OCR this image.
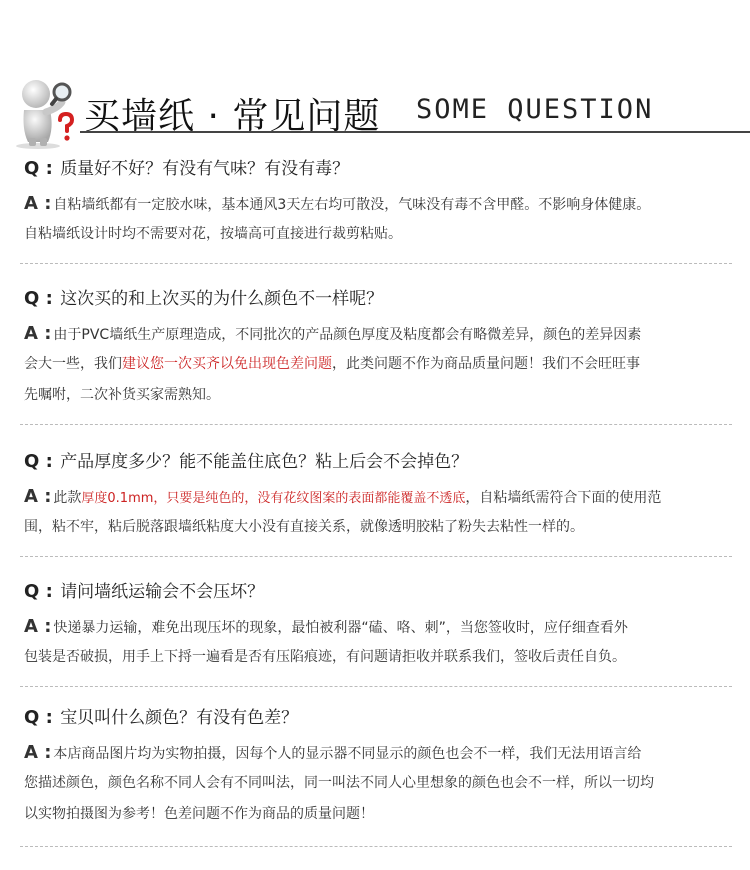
买墙纸 · 常见问题 SOME QUESTION
Q : 质量好不好？有没有气味？有没有毒？
A : 自粘墙纸都有一定胶水味，基本通风3天左右均可散没，气味没有毒不含甲醛。不影响身体健康。
自粘墙纸设计时均不需要对花，按墙高可直接进行裁剪粘贴。
Q : 这次买的和上次买的为什么颜色不一样呢？
A : 由于PVC墙纸生产原理造成，不同批次的产品颜色厚度及粘度都会有略微差异，颜色的差异因素
会大一些，我们建议您一次买齐以免出现色差问题，此类问题不作为商品质量问题！我们不会旺旺事
先嘱咐，二次补货买家需熟知。
Q : 产品厚度多少？能不能盖住底色？粘上后会不会掉色？
A : 此款厚度0.1mm，只要是纯色的，没有花纹图案的表面都能覆盖不透底，自粘墙纸需符合下面的使用范
围，粘不牢，粘后脱落跟墙纸粘度大小没有直接关系，就像透明胶粘了粉失去粘性一样的。
Q : 请问墙纸运输会不会压坏？
A : 快递暴力运输，难免出现压坏的现象，最怕被利器“磕、咯、刺”，当您签收时，应仔细查看外
包装是否破损，用手上下捋一遍看是否有压陷痕迹，有问题请拒收并联系我们，签收后责任自负。
Q : 宝贝叫什么颜色？有没有色差？
A : 本店商品图片均为实物拍摄，因每个人的显示器不同显示的颜色也会不一样，我们无法用语言给
您描述颜色，颜色名称不同人会有不同叫法，同一叫法不同人心里想象的颜色也会不一样，所以一切均
以实物拍摄图为参考！色差问题不作为商品的质量问题！
